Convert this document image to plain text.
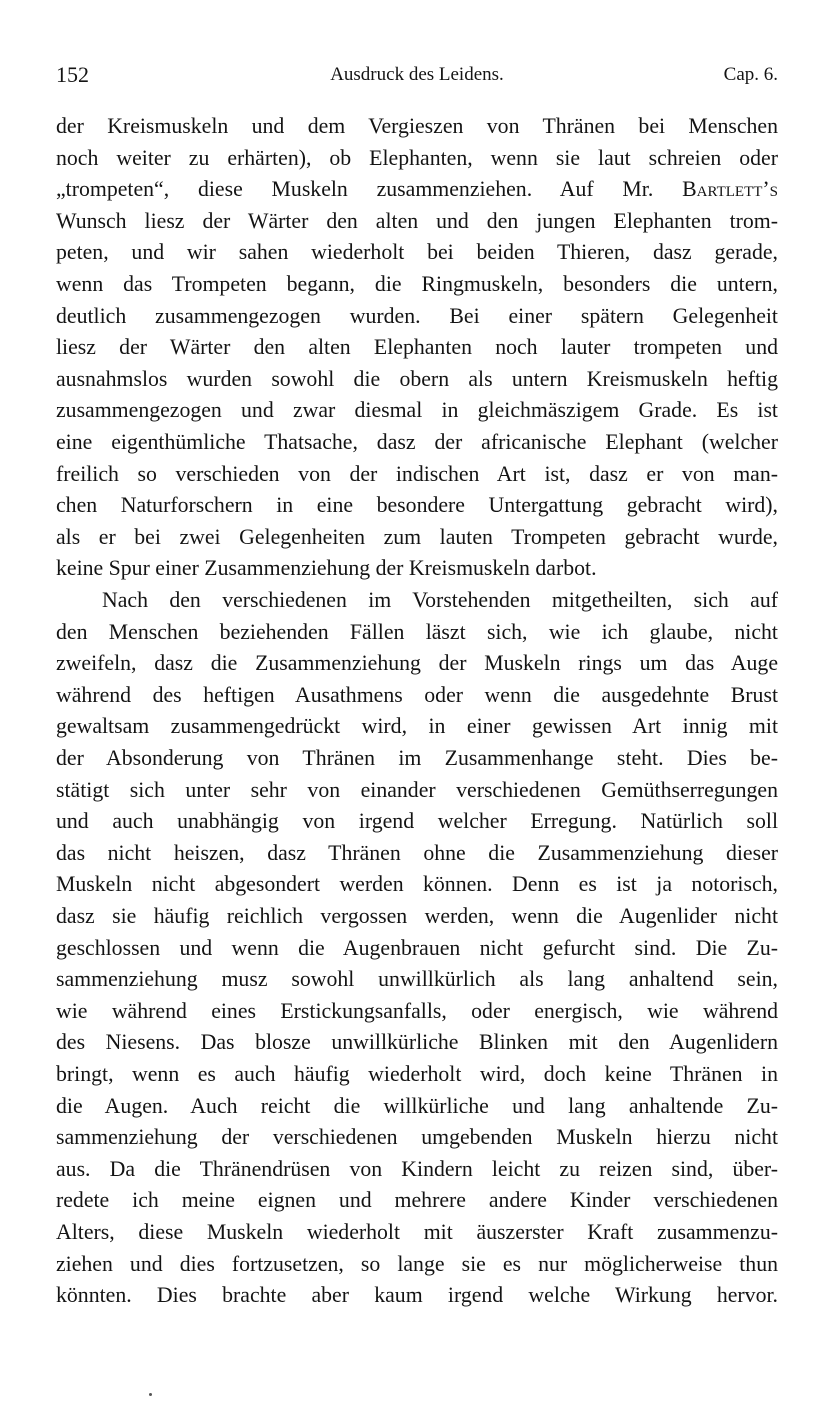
152	Ausdruck des Leidens.	Cap. 6.
der Kreismuskeln und dem Vergieszen von Thränen bei Menschen
noch weiter zu erhärten), ob Elephanten, wenn sie laut schreien oder
„trompeten“, diese Muskeln zusammenziehen. Auf Mr. Bartlett’s
Wunsch liesz der Wärter den alten und den jungen Elephanten trom-
peten, und wir sahen wiederholt bei beiden Thieren, dasz gerade,
wenn das Trompeten begann, die Ringmuskeln, besonders die untern,
deutlich zusammengezogen wurden. Bei einer spätern Gelegenheit
liesz der Wärter den alten Elephanten noch lauter trompeten und
ausnahmslos wurden sowohl die obern als untern Kreismuskeln heftig
zusammengezogen und zwar diesmal in gleichmäszigem Grade. Es ist
eine eigenthümliche Thatsache, dasz der africanische Elephant (welcher
freilich so verschieden von der indischen Art ist, dasz er von man-
chen Naturforschern in eine besondere Untergattung gebracht wird),
als er bei zwei Gelegenheiten zum lauten Trompeten gebracht wurde,
keine Spur einer Zusammenziehung der Kreismuskeln darbot.
Nach den verschiedenen im Vorstehenden mitgetheilten, sich auf
den Menschen beziehenden Fällen läszt sich, wie ich glaube, nicht
zweifeln, dasz die Zusammenziehung der Muskeln rings um das Auge
während des heftigen Ausathmens oder wenn die ausgedehnte Brust
gewaltsam zusammengedrückt wird, in einer gewissen Art innig mit
der Absonderung von Thränen im Zusammenhange steht. Dies be-
stätigt sich unter sehr von einander verschiedenen Gemüthserregungen
und auch unabhängig von irgend welcher Erregung. Natürlich soll
das nicht heiszen, dasz Thränen ohne die Zusammenziehung dieser
Muskeln nicht abgesondert werden können. Denn es ist ja notorisch,
dasz sie häufig reichlich vergossen werden, wenn die Augenlider nicht
geschlossen und wenn die Augenbrauen nicht gefurcht sind. Die Zu-
sammenziehung musz sowohl unwillkürlich als lang anhaltend sein,
wie während eines Erstickungsanfalls, oder energisch, wie während
des Niesens. Das blosze unwillkürliche Blinken mit den Augenlidern
bringt, wenn es auch häufig wiederholt wird, doch keine Thränen in
die Augen. Auch reicht die willkürliche und lang anhaltende Zu-
sammenziehung der verschiedenen umgebenden Muskeln hierzu nicht
aus. Da die Thränendrüsen von Kindern leicht zu reizen sind, über-
redete ich meine eignen und mehrere andere Kinder verschiedenen
Alters, diese Muskeln wiederholt mit äuszerster Kraft zusammenzu-
ziehen und dies fortzusetzen, so lange sie es nur möglicherweise thun
könnten. Dies brachte aber kaum irgend welche Wirkung hervor.
